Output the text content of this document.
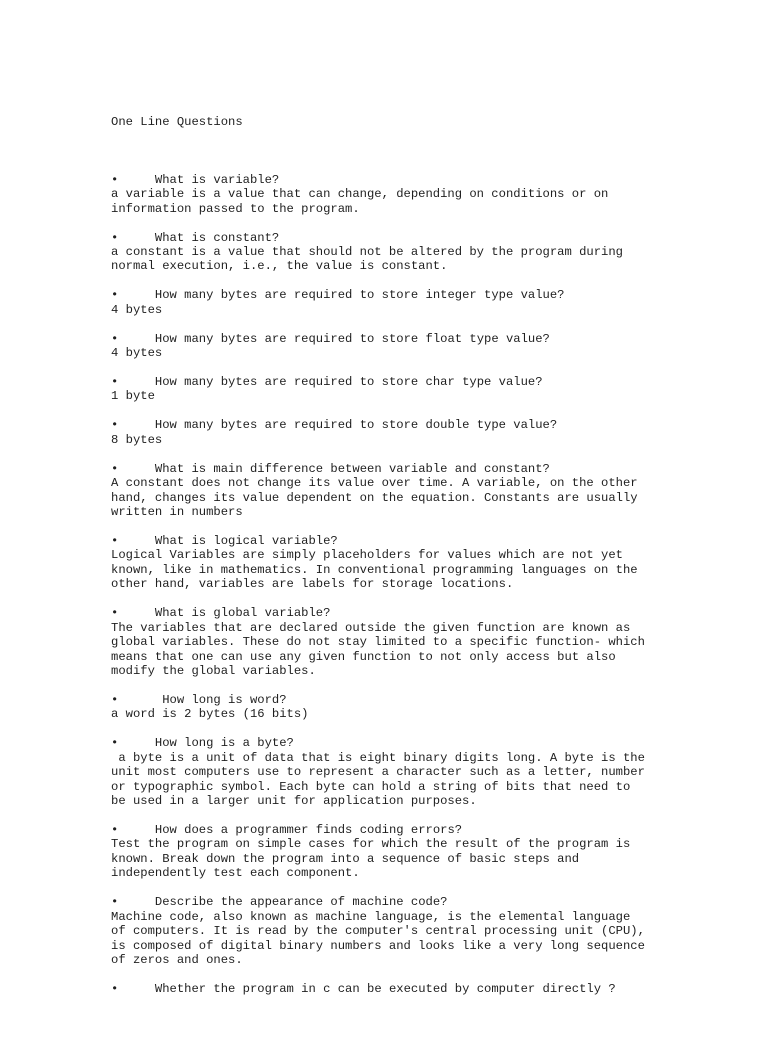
One Line Questions

•	What is variable?
a variable is a value that can change, depending on conditions or on
information passed to the program.
•	What is constant?
a constant is a value that should not be altered by the program during
normal execution, i.e., the value is constant.
•	How many bytes are required to store integer type value?
4 bytes
•	How many bytes are required to store float type value?
4 bytes
•	How many bytes are required to store char type value?
1 byte
•	How many bytes are required to store double type value?
8 bytes
•	What is main difference between variable and constant?
A constant does not change its value over time. A variable, on the other
hand, changes its value dependent on the equation. Constants are usually
written in numbers
•	What is logical variable?
Logical Variables are simply placeholders for values which are not yet
known, like in mathematics. In conventional programming languages on the
other hand, variables are labels for storage locations.
•	What is global variable?
The variables that are declared outside the given function are known as
global variables. These do not stay limited to a specific function- which
means that one can use any given function to not only access but also
modify the global variables.
•	How long is word?
a word is 2 bytes (16 bits)
•	How long is a byte?
a byte is a unit of data that is eight binary digits long. A byte is the
unit most computers use to represent a character such as a letter, number
or typographic symbol. Each byte can hold a string of bits that need to
be used in a larger unit for application purposes.
•	How does a programmer finds coding errors?
Test the program on simple cases for which the result of the program is
known. Break down the program into a sequence of basic steps and
independently test each component.
•	Describe the appearance of machine code?
Machine code, also known as machine language, is the elemental language
of computers. It is read by the computer's central processing unit (CPU),
is composed of digital binary numbers and looks like a very long sequence
of zeros and ones.
•	Whether the program in c can be executed by computer directly ?
